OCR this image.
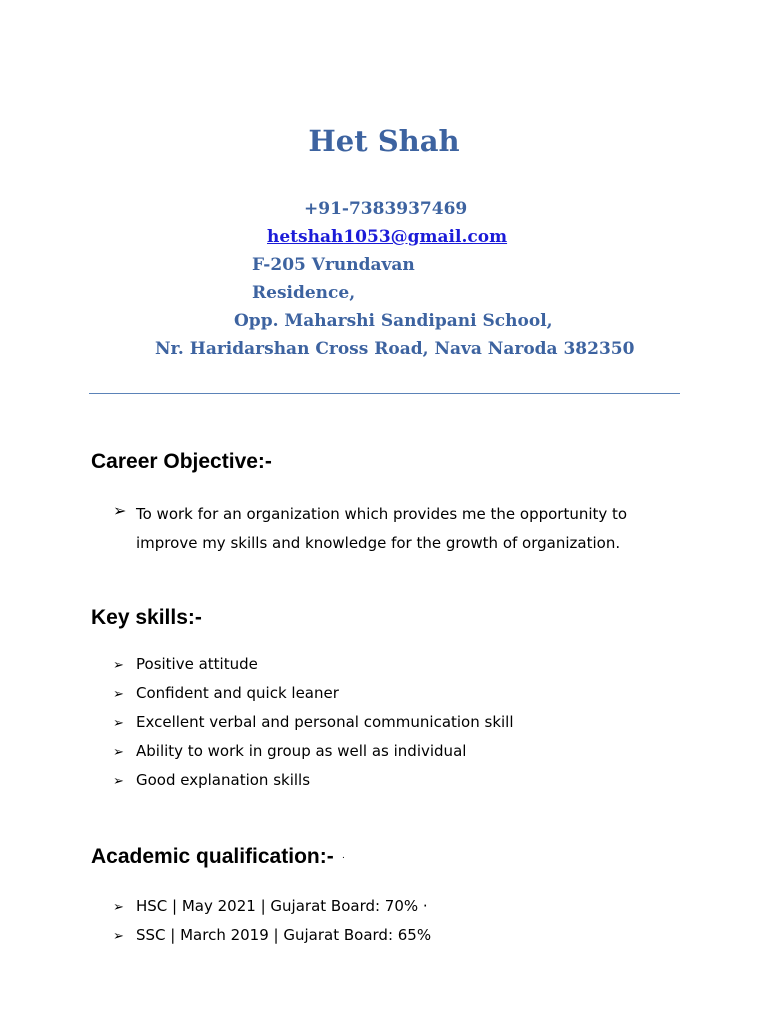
Het Shah
+91-7383937469
hetshah1053@gmail.com
F-205 Vrundavan
Residence,
Opp. Maharshi Sandipani School,
Nr. Haridarshan Cross Road, Nava Naroda 382350
Career Objective:-
➢ To work for an organization which provides me the opportunity to improve my skills and knowledge for the growth of organization.
Key skills:-
➢ Positive attitude
➢ Confident and quick leaner
➢ Excellent verbal and personal communication skill
➢ Ability to work in group as well as individual
➢ Good explanation skills
Academic qualification:- ·
➢ HSC | May 2021 | Gujarat Board: 70% ·
➢ SSC | March 2019 | Gujarat Board: 65%
